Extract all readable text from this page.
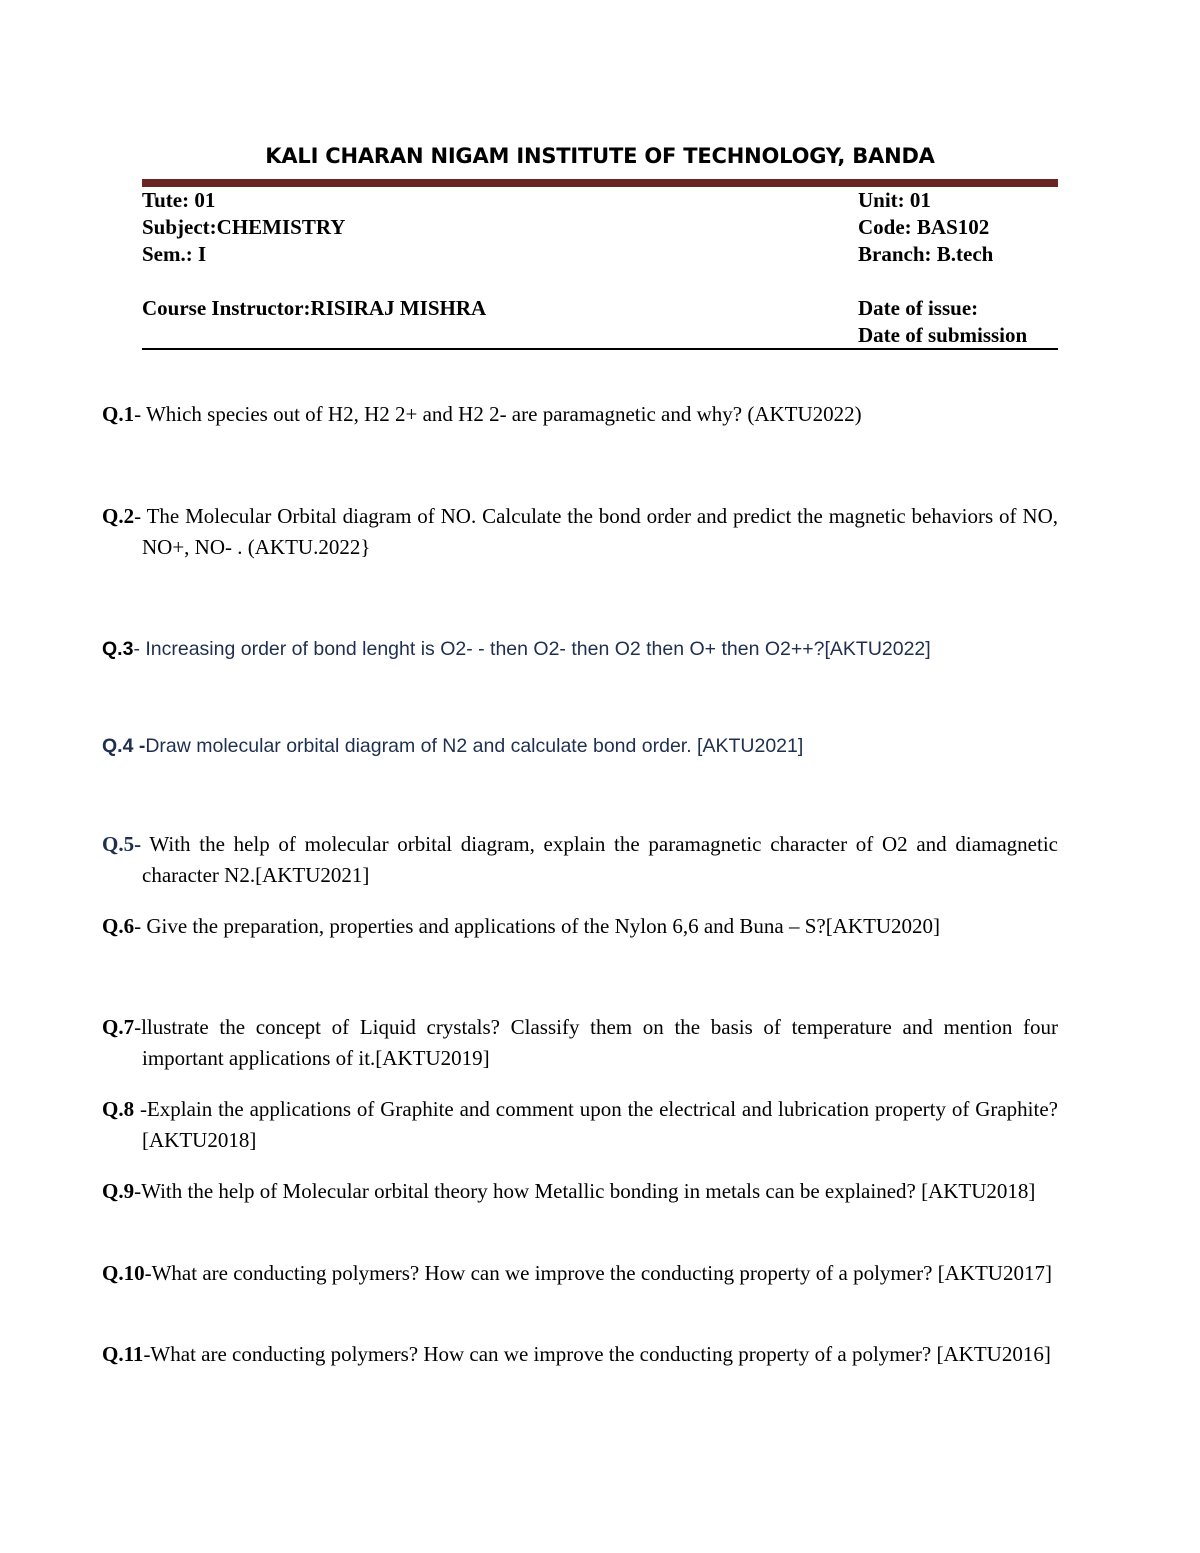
KALI CHARAN NIGAM INSTITUTE OF TECHNOLOGY, BANDA
Tute: 01
Subject:CHEMISTRY
Sem.: I
Course Instructor:RISIRAJ MISHRA
Unit: 01
Code: BAS102
Branch: B.tech
Date of issue:
Date of submission
Q.1- Which species out of H2, H2 2+ and H2 2- are paramagnetic and why? (AKTU2022)
Q.2- The Molecular Orbital diagram of NO. Calculate the bond order and predict the magnetic behaviors of NO, NO+, NO- . (AKTU.2022}
Q.3- Increasing order of bond lenght is O2- - then O2- then O2 then O+ then O2++?[AKTU2022]
Q.4 -Draw molecular orbital diagram of N2 and calculate bond order. [AKTU2021]
Q.5- With the help of molecular orbital diagram, explain the paramagnetic character of O2 and diamagnetic character N2.[AKTU2021]
Q.6- Give the preparation, properties and applications of the Nylon 6,6 and Buna – S?[AKTU2020]
Q.7-llustrate the concept of Liquid crystals? Classify them on the basis of temperature and mention four important applications of it.[AKTU2019]
Q.8 -Explain the applications of Graphite and comment upon the electrical and lubrication property of Graphite?[AKTU2018]
Q.9-With the help of Molecular orbital theory how Metallic bonding in metals can be explained? [AKTU2018]
Q.10-What are conducting polymers? How can we improve the conducting property of a polymer? [AKTU2017]
Q.11-What are conducting polymers? How can we improve the conducting property of a polymer? [AKTU2016]
